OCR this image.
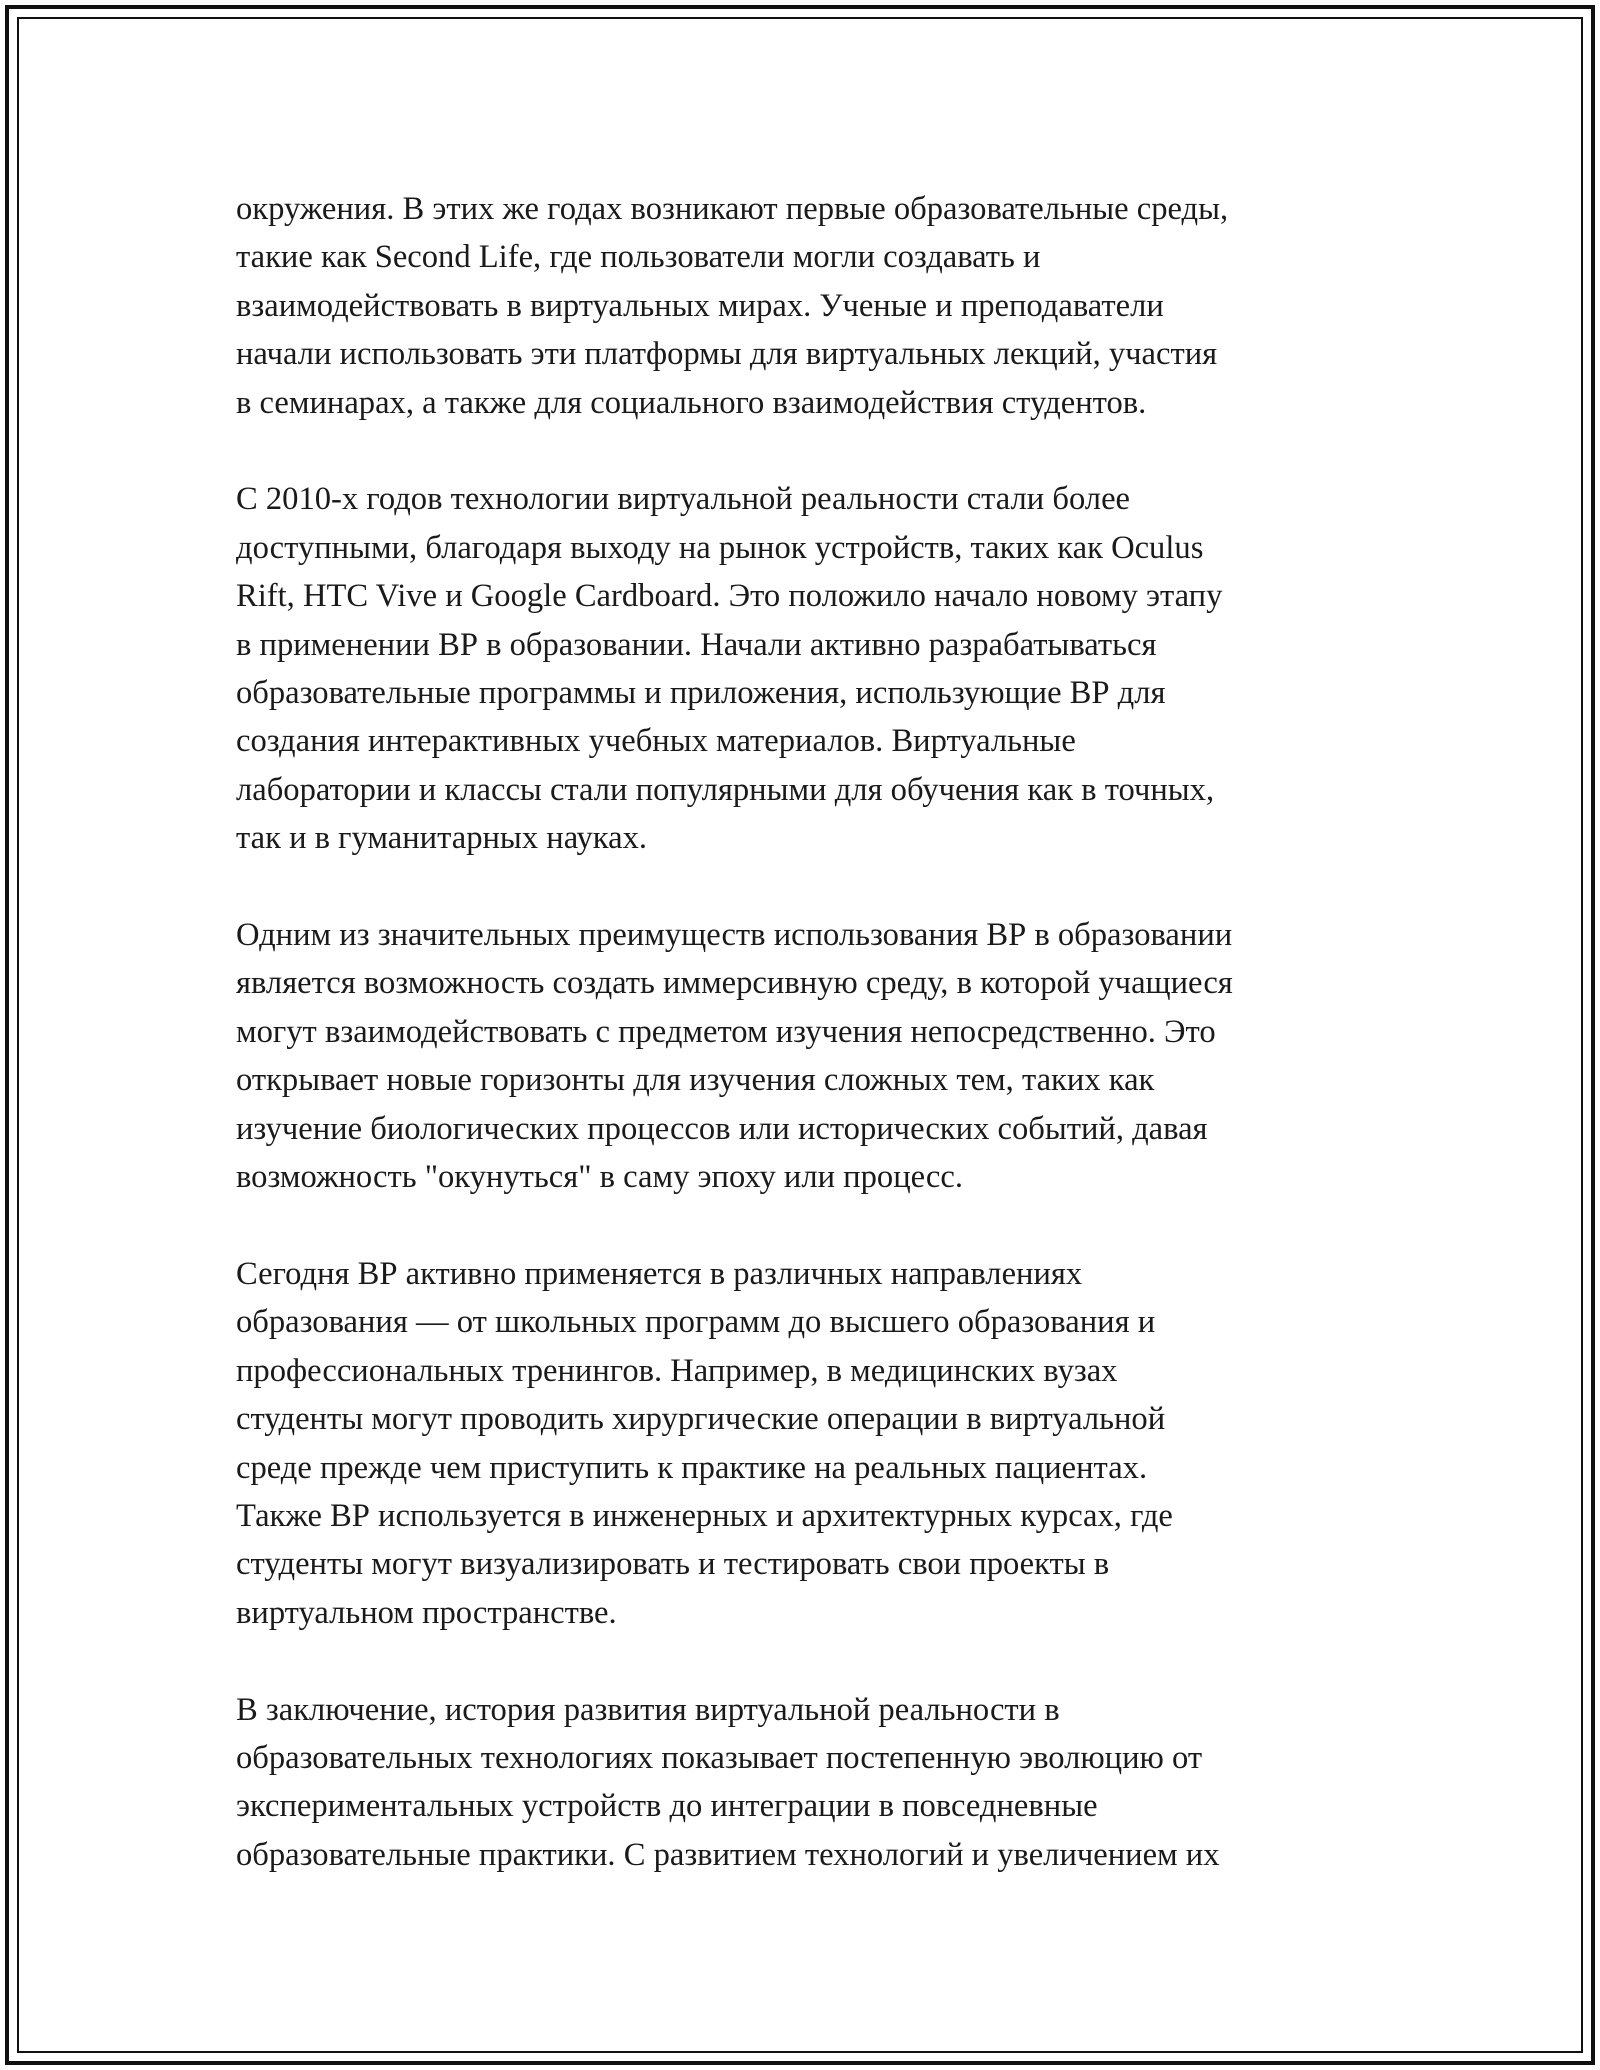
окружения. В этих же годах возникают первые образовательные среды,
такие как Second Life, где пользователи могли создавать и
взаимодействовать в виртуальных мирах. Ученые и преподаватели
начали использовать эти платформы для виртуальных лекций, участия
в семинарах, а также для социального взаимодействия студентов.

С 2010-х годов технологии виртуальной реальности стали более
доступными, благодаря выходу на рынок устройств, таких как Oculus
Rift, HTC Vive и Google Cardboard. Это положило начало новому этапу
в применении ВР в образовании. Начали активно разрабатываться
образовательные программы и приложения, использующие ВР для
создания интерактивных учебных материалов. Виртуальные
лаборатории и классы стали популярными для обучения как в точных,
так и в гуманитарных науках.

Одним из значительных преимуществ использования ВР в образовании
является возможность создать иммерсивную среду, в которой учащиеся
могут взаимодействовать с предметом изучения непосредственно. Это
открывает новые горизонты для изучения сложных тем, таких как
изучение биологических процессов или исторических событий, давая
возможность "окунуться" в саму эпоху или процесс.

Сегодня ВР активно применяется в различных направлениях
образования — от школьных программ до высшего образования и
профессиональных тренингов. Например, в медицинских вузах
студенты могут проводить хирургические операции в виртуальной
среде прежде чем приступить к практике на реальных пациентах.
Также ВР используется в инженерных и архитектурных курсах, где
студенты могут визуализировать и тестировать свои проекты в
виртуальном пространстве.

В заключение, история развития виртуальной реальности в
образовательных технологиях показывает постепенную эволюцию от
экспериментальных устройств до интеграции в повседневные
образовательные практики. С развитием технологий и увеличением их
